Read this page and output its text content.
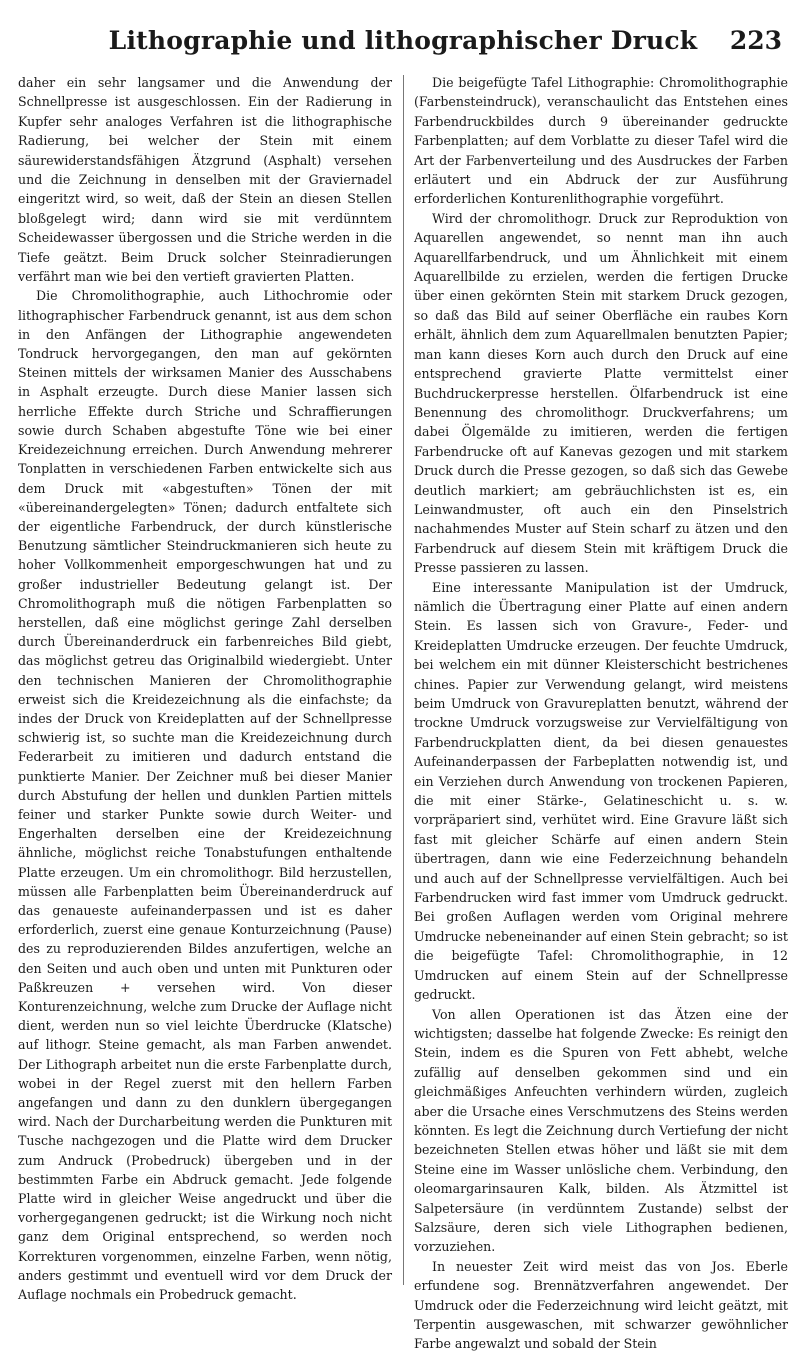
Lithographie und lithographischer Druck	223

daher ein sehr langsamer und die Anwendung der Schnellpresse ist ausgeschlossen. Ein der Radierung in Kupfer sehr analoges Verfahren ist die lithographische Radierung, bei welcher der Stein mit einem säurewiderstandsfähigen Ätzgrund (Asphalt) versehen und die Zeichnung in denselben mit der Graviernadel eingeritzt wird, so weit, daß der Stein an diesen Stellen bloßgelegt wird; dann wird sie mit verdünntem Scheidewasser übergossen und die Striche werden in die Tiefe geätzt. Beim Druck solcher Steinradierungen verfährt man wie bei den vertieft gravierten Platten.

Die Chromolithographie, auch Lithochromie oder lithographischer Farbendruck genannt, ist aus dem schon in den Anfängen der Lithographie angewendeten Tondruck hervorgegangen, den man auf gekörnten Steinen mittels der wirksamen Manier des Ausschabens in Asphalt erzeugte. Durch diese Manier lassen sich herrliche Effekte durch Striche und Schraffierungen sowie durch Schaben abgestufte Töne wie bei einer Kreidezeichnung erreichen. Durch Anwendung mehrerer Tonplatten in verschiedenen Farben entwickelte sich aus dem Druck mit «abgestuften» Tönen der mit «übereinandergelegten» Tönen; dadurch entfaltete sich der eigentliche Farbendruck, der durch künstlerische Benutzung sämtlicher Steindruckmanieren sich heute zu hoher Vollkommenheit emporgeschwungen hat und zu großer industrieller Bedeutung gelangt ist. Der Chromolithograph muß die nötigen Farbenplatten so herstellen, daß eine möglichst geringe Zahl derselben durch Übereinanderdruck ein farbenreiches Bild giebt, das möglichst getreu das Originalbild wiedergiebt. Unter den technischen Manieren der Chromolithographie erweist sich die Kreidezeichnung als die einfachste; da indes der Druck von Kreideplatten auf der Schnellpresse schwierig ist, so suchte man die Kreidezeichnung durch Federarbeit zu imitieren und dadurch entstand die punktierte Manier. Der Zeichner muß bei dieser Manier durch Abstufung der hellen und dunklen Partien mittels feiner und starker Punkte sowie durch Weiter- und Engerhalten derselben eine der Kreidezeichnung ähnliche, möglichst reiche Tonabstufungen enthaltende Platte erzeugen. Um ein chromolithogr. Bild herzustellen, müssen alle Farbenplatten beim Übereinanderdruck auf das genaueste aufeinanderpassen und ist es daher erforderlich, zuerst eine genaue Konturzeichnung (Pause) des zu reproduzierenden Bildes anzufertigen, welche an den Seiten und auch oben und unten mit Punkturen oder Paßkreuzen + versehen wird. Von dieser Konturenzeichnung, welche zum Drucke der Auflage nicht dient, werden nun so viel leichte Überdrucke (Klatsche) auf lithogr. Steine gemacht, als man Farben anwendet. Der Lithograph arbeitet nun die erste Farbenplatte durch, wobei in der Regel zuerst mit den hellern Farben angefangen und dann zu den dunklern übergegangen wird. Nach der Durcharbeitung werden die Punkturen mit Tusche nachgezogen und die Platte wird dem Drucker zum Andruck (Probedruck) übergeben und in der bestimmten Farbe ein Abdruck gemacht. Jede folgende Platte wird in gleicher Weise angedruckt und über die vorhergegangenen gedruckt; ist die Wirkung noch nicht ganz dem Original entsprechend, so werden noch Korrekturen vorgenommen, einzelne Farben, wenn nötig, anders gestimmt und eventuell wird vor dem Druck der Auflage nochmals ein Probedruck gemacht.

Die beigefügte Tafel Lithographie: Chromolithographie (Farbensteindruck), veranschaulicht das Entstehen eines Farbendruckbildes durch 9 übereinander gedruckte Farbenplatten; auf dem Vorblatte zu dieser Tafel wird die Art der Farbenverteilung und des Ausdruckes der Farben erläutert und ein Abdruck der zur Ausführung erforderlichen Konturenlithographie vorgeführt.

Wird der chromolithogr. Druck zur Reproduktion von Aquarellen angewendet, so nennt man ihn auch Aquarellfarbendruck, und um Ähnlichkeit mit einem Aquarellbilde zu erzielen, werden die fertigen Drucke über einen gekörnten Stein mit starkem Druck gezogen, so daß das Bild auf seiner Oberfläche ein raubes Korn erhält, ähnlich dem zum Aquarellmalen benutzten Papier; man kann dieses Korn auch durch den Druck auf eine entsprechend gravierte Platte vermittelst einer Buchdruckerpresse herstellen. Ölfarbendruck ist eine Benennung des chromolithogr. Druckverfahrens; um dabei Ölgemälde zu imitieren, werden die fertigen Farbendrucke oft auf Kanevas gezogen und mit starkem Druck durch die Presse gezogen, so daß sich das Gewebe deutlich markiert; am gebräuchlichsten ist es, ein Leinwandmuster, oft auch ein den Pinselstrich nachahmendes Muster auf Stein scharf zu ätzen und den Farbendruck auf diesem Stein mit kräftigem Druck die Presse passieren zu lassen.

Eine interessante Manipulation ist der Umdruck, nämlich die Übertragung einer Platte auf einen andern Stein. Es lassen sich von Gravure-, Feder- und Kreideplatten Umdrucke erzeugen. Der feuchte Umdruck, bei welchem ein mit dünner Kleisterschicht bestrichenes chines. Papier zur Verwendung gelangt, wird meistens beim Umdruck von Gravureplatten benutzt, während der trockne Umdruck vorzugsweise zur Vervielfältigung von Farbendruckplatten dient, da bei diesen genauestes Aufeinanderpassen der Farbeplatten notwendig ist, und ein Verziehen durch Anwendung von trockenen Papieren, die mit einer Stärke-, Gelatineschicht u. s. w. vorpräpariert sind, verhütet wird. Eine Gravure läßt sich fast mit gleicher Schärfe auf einen andern Stein übertragen, dann wie eine Federzeichnung behandeln und auch auf der Schnellpresse vervielfältigen. Auch bei Farbendrucken wird fast immer vom Umdruck gedruckt. Bei großen Auflagen werden vom Original mehrere Umdrucke nebeneinander auf einen Stein gebracht; so ist die beigefügte Tafel: Chromolithographie, in 12 Umdrucken auf einem Stein auf der Schnellpresse gedruckt.

Von allen Operationen ist das Ätzen eine der wichtigsten; dasselbe hat folgende Zwecke: Es reinigt den Stein, indem es die Spuren von Fett abhebt, welche zufällig auf denselben gekommen sind und ein gleichmäßiges Anfeuchten verhindern würden, zugleich aber die Ursache eines Verschmutzens des Steins werden könnten. Es legt die Zeichnung durch Vertiefung der nicht bezeichneten Stellen etwas höher und läßt sie mit dem Steine eine im Wasser unlösliche chem. Verbindung, den oleomargarinsauren Kalk, bilden. Als Ätzmittel ist Salpetersäure (in verdünntem Zustande) selbst der Salzsäure, deren sich viele Lithographen bedienen, vorzuziehen.

In neuester Zeit wird meist das von Jos. Eberle erfundene sog. Brennätzverfahren angewendet. Der Umdruck oder die Federzeichnung wird leicht geätzt, mit Terpentin ausgewaschen, mit schwarzer gewöhnlicher Farbe angewalzt und sobald der Stein
